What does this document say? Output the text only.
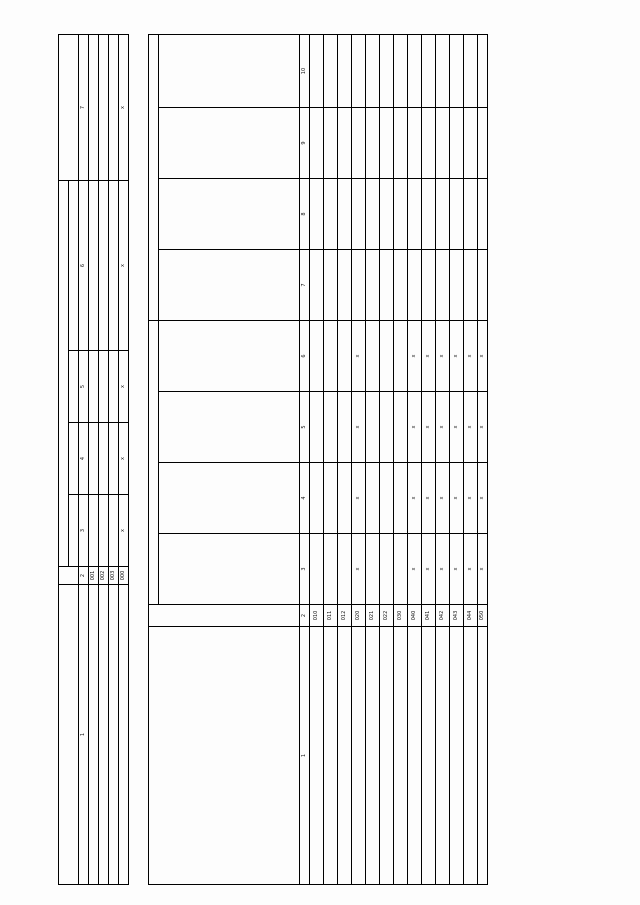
1	2	3	4	5	6	7
	001					
	002					
	003					
	000	x	x	x	x	x

1	2	3	4	5	6	7	8	9	10
	010								
	011								
	012								
	020	x	x	x	x				
	021								
	022								
	030								
	040	x	x	x	x				
	041	x	x	x	x				
	042	x	x	x	x				
	043	x	x	x	x				
	044	x	x	x	x				
	050	x	x	x	x				
